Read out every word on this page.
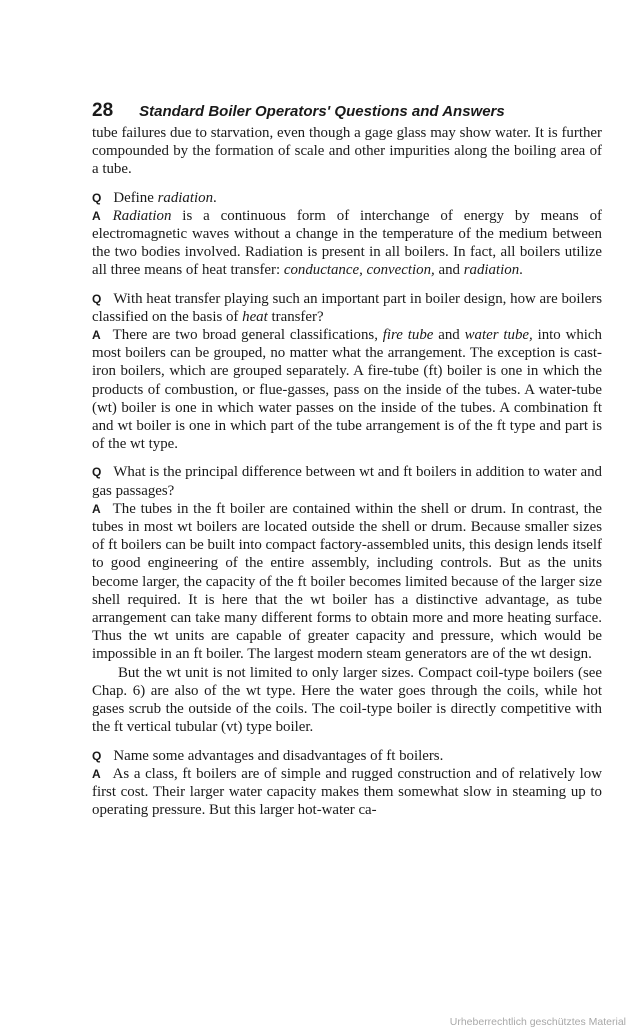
28 Standard Boiler Operators' Questions and Answers

tube failures due to starvation, even though a gage glass may show water. It is further compounded by the formation of scale and other impurities along the boiling area of a tube.

Q Define radiation.

A Radiation is a continuous form of interchange of energy by means of electromagnetic waves without a change in the temperature of the medium between the two bodies involved. Radiation is present in all boilers. In fact, all boilers utilize all three means of heat transfer: conductance, convection, and radiation.

Q With heat transfer playing such an important part in boiler design, how are boilers classified on the basis of heat transfer?

A There are two broad general classifications, fire tube and water tube, into which most boilers can be grouped, no matter what the arrangement. The exception is cast-iron boilers, which are grouped separately. A fire-tube (ft) boiler is one in which the products of combustion, or flue-gasses, pass on the inside of the tubes. A water-tube (wt) boiler is one in which water passes on the inside of the tubes. A combination ft and wt boiler is one in which part of the tube arrangement is of the ft type and part is of the wt type.

Q What is the principal difference between wt and ft boilers in addition to water and gas passages?

A The tubes in the ft boiler are contained within the shell or drum. In contrast, the tubes in most wt boilers are located outside the shell or drum. Because smaller sizes of ft boilers can be built into compact factory-assembled units, this design lends itself to good engineering of the entire assembly, including controls. But as the units become larger, the capacity of the ft boiler becomes limited because of the larger size shell required. It is here that the wt boiler has a distinctive advantage, as tube arrangement can take many different forms to obtain more and more heating surface. Thus the wt units are capable of greater capacity and pressure, which would be impossible in an ft boiler. The largest modern steam generators are of the wt design.

But the wt unit is not limited to only larger sizes. Compact coil-type boilers (see Chap. 6) are also of the wt type. Here the water goes through the coils, while hot gases scrub the outside of the coils. The coil-type boiler is directly competitive with the ft vertical tubular (vt) type boiler.

Q Name some advantages and disadvantages of ft boilers.

A As a class, ft boilers are of simple and rugged construction and of relatively low first cost. Their larger water capacity makes them somewhat slow in steaming up to operating pressure. But this larger hot-water ca-

Urheberrechtlich geschütztes Material
